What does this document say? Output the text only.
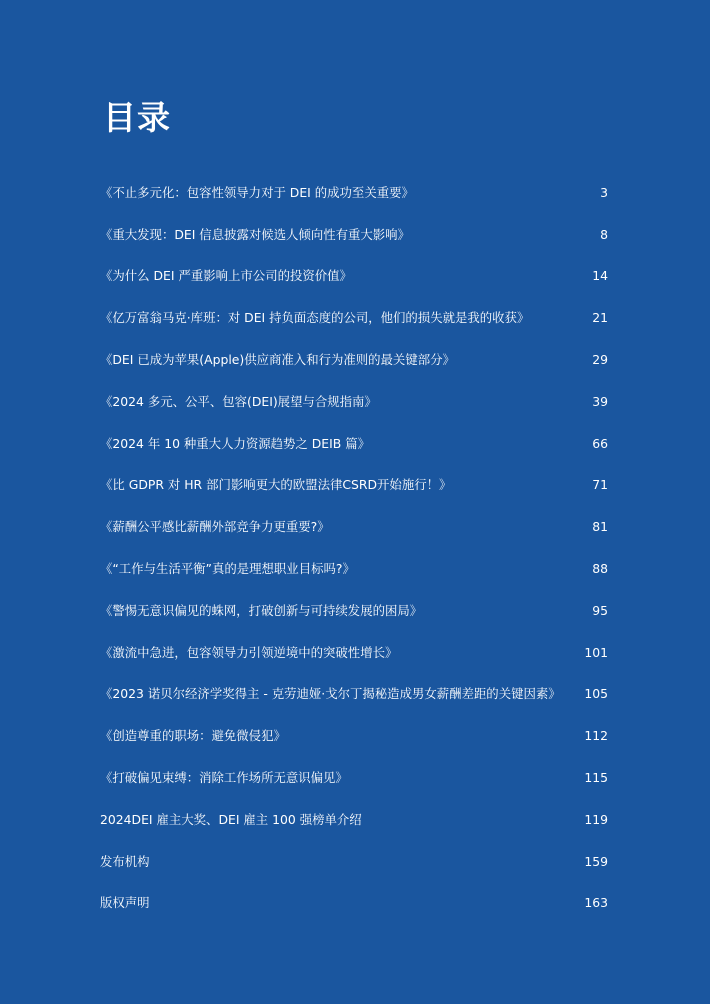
目录
《不止多元化：包容性领导力对于 DEI 的成功至关重要》	3
《重大发现：DEI 信息披露对候选人倾向性有重大影响》	8
《为什么 DEI 严重影响上市公司的投资价值》	14
《亿万富翁马克·库班：对 DEI 持负面态度的公司，他们的损失就是我的收获》	21
《DEI 已成为苹果(Apple)供应商准入和行为准则的最关键部分》	29
《2024 多元、公平、包容(DEI)展望与合规指南》	39
《2024 年 10 种重大人力资源趋势之 DEIB 篇》	66
《比 GDPR 对 HR 部门影响更大的欧盟法律CSRD开始施行！》	71
《薪酬公平感比薪酬外部竞争力更重要?》	81
《“工作与生活平衡”真的是理想职业目标吗?》	88
《警惕无意识偏见的蛛网，打破创新与可持续发展的困局》	95
《激流中急进，包容领导力引领逆境中的突破性增长》	101
《2023 诺贝尔经济学奖得主 - 克劳迪娅·戈尔丁揭秘造成男女薪酬差距的关键因素》	105
《创造尊重的职场：避免微侵犯》	112
《打破偏见束缚：消除工作场所无意识偏见》	115
2024DEI 雇主大奖、DEI 雇主 100 强榜单介绍	119
发布机构	159
版权声明	163
